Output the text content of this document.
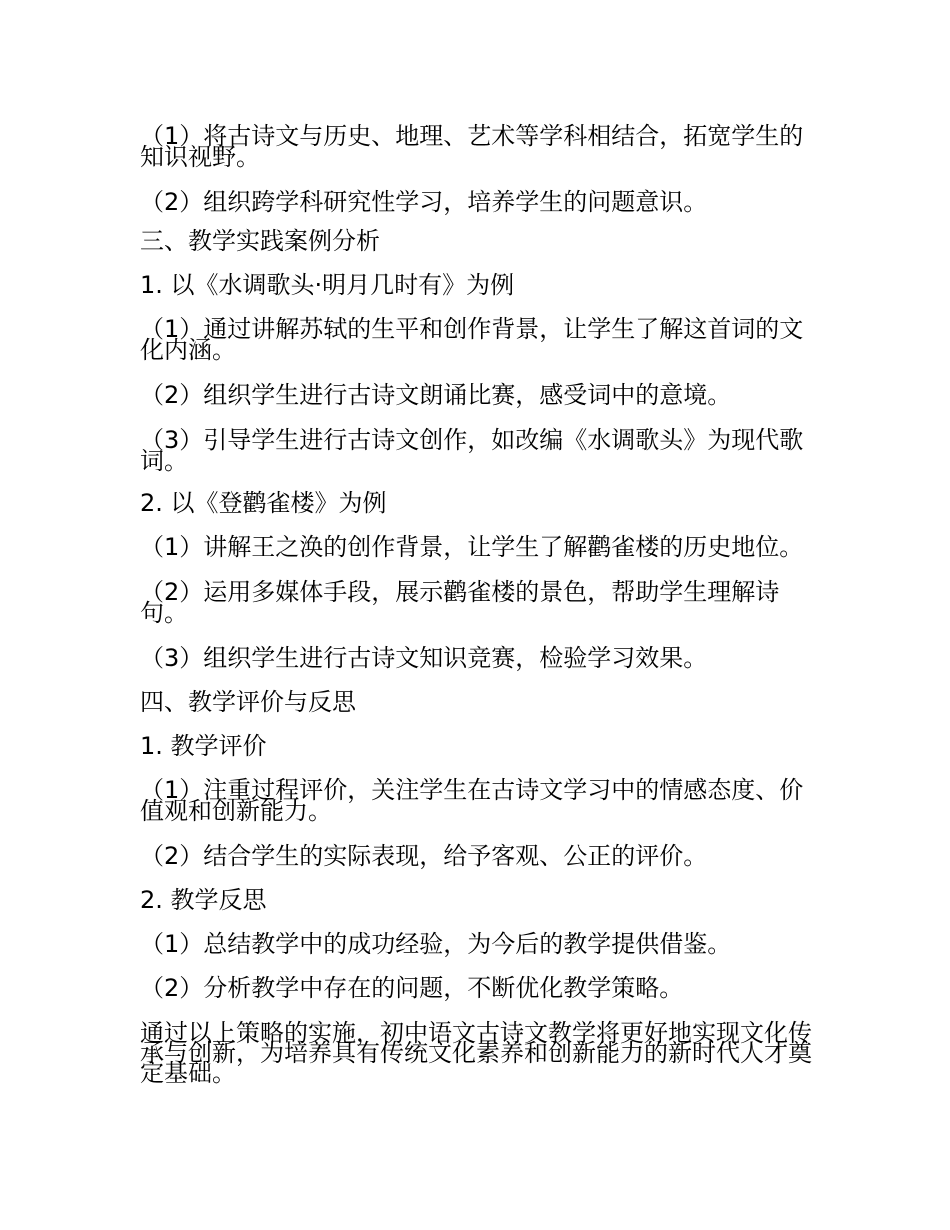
（1）将古诗文与历史、地理、艺术等学科相结合，拓宽学生的知识视野。

（2）组织跨学科研究性学习，培养学生的问题意识。

三、教学实践案例分析

1. 以《水调歌头·明月几时有》为例

（1）通过讲解苏轼的生平和创作背景，让学生了解这首词的文化内涵。

（2）组织学生进行古诗文朗诵比赛，感受词中的意境。

（3）引导学生进行古诗文创作，如改编《水调歌头》为现代歌词。

2. 以《登鹳雀楼》为例

（1）讲解王之涣的创作背景，让学生了解鹳雀楼的历史地位。

（2）运用多媒体手段，展示鹳雀楼的景色，帮助学生理解诗句。

（3）组织学生进行古诗文知识竞赛，检验学习效果。

四、教学评价与反思

1. 教学评价

（1）注重过程评价，关注学生在古诗文学习中的情感态度、价值观和创新能力。

（2）结合学生的实际表现，给予客观、公正的评价。

2. 教学反思

（1）总结教学中的成功经验，为今后的教学提供借鉴。

（2）分析教学中存在的问题，不断优化教学策略。

通过以上策略的实施，初中语文古诗文教学将更好地实现文化传承与创新，为培养具有传统文化素养和创新能力的新时代人才奠定基础。
